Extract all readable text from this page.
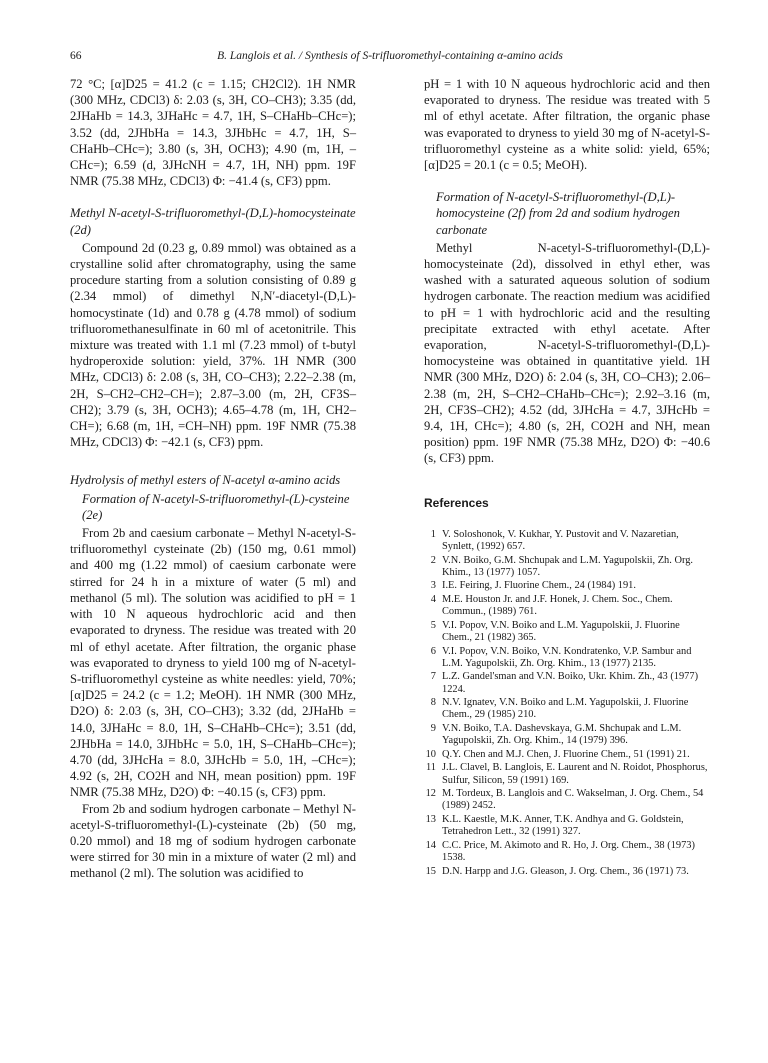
66	B. Langlois et al. / Synthesis of S-trifluoromethyl-containing α-amino acids

72 °C; [α]D25 = 41.2 (c = 1.15; CH2Cl2). 1H NMR (300 MHz, CDCl3) δ: 2.03 (s, 3H, CO–CH3); 3.35 (dd, 2JHaHb = 14.3, 3JHaHc = 4.7, 1H, S–CHaHb–CHc=); 3.52 (dd, 2JHbHa = 14.3, 3JHbHc = 4.7, 1H, S–CHaHb–CHc=); 3.80 (s, 3H, OCH3); 4.90 (m, 1H, –CHc=); 6.59 (d, 3JHcNH = 4.7, 1H, NH) ppm. 19F NMR (75.38 MHz, CDCl3) Φ: −41.4 (s, CF3) ppm.

Methyl N-acetyl-S-trifluoromethyl-(D,L)-homocysteinate (2d)

Compound 2d (0.23 g, 0.89 mmol) was obtained as a crystalline solid after chromatography, using the same procedure starting from a solution consisting of 0.89 g (2.34 mmol) of dimethyl N,N′-diacetyl-(D,L)-homocystinate (1d) and 0.78 g (4.78 mmol) of sodium trifluoromethanesulfinate in 60 ml of acetonitrile. This mixture was treated with 1.1 ml (7.23 mmol) of t-butyl hydroperoxide solution: yield, 37%. 1H NMR (300 MHz, CDCl3) δ: 2.08 (s, 3H, CO–CH3); 2.22–2.38 (m, 2H, S–CH2–CH2–CH=); 2.87–3.00 (m, 2H, CF3S–CH2); 3.79 (s, 3H, OCH3); 4.65–4.78 (m, 1H, CH2–CH=); 6.68 (m, 1H, =CH–NH) ppm. 19F NMR (75.38 MHz, CDCl3) Φ: −42.1 (s, CF3) ppm.

Hydrolysis of methyl esters of N-acetyl α-amino acids

Formation of N-acetyl-S-trifluoromethyl-(L)-cysteine (2e)

From 2b and caesium carbonate – Methyl N-acetyl-S-trifluoromethyl cysteinate (2b) (150 mg, 0.61 mmol) and 400 mg (1.22 mmol) of caesium carbonate were stirred for 24 h in a mixture of water (5 ml) and methanol (5 ml). The solution was acidified to pH = 1 with 10 N aqueous hydrochloric acid and then evaporated to dryness. The residue was treated with 20 ml of ethyl acetate. After filtration, the organic phase was evaporated to dryness to yield 100 mg of N-acetyl-S-trifluoromethyl cysteine as white needles: yield, 70%; [α]D25 = 24.2 (c = 1.2; MeOH). 1H NMR (300 MHz, D2O) δ: 2.03 (s, 3H, CO–CH3); 3.32 (dd, 2JHaHb = 14.0, 3JHaHc = 8.0, 1H, S–CHaHb–CHc=); 3.51 (dd, 2JHbHa = 14.0, 3JHbHc = 5.0, 1H, S–CHaHb–CHc=); 4.70 (dd, 3JHcHa = 8.0, 3JHcHb = 5.0, 1H, –CHc=); 4.92 (s, 2H, CO2H and NH, mean position) ppm. 19F NMR (75.38 MHz, D2O) Φ: −40.15 (s, CF3) ppm.

From 2b and sodium hydrogen carbonate – Methyl N-acetyl-S-trifluoromethyl-(L)-cysteinate (2b) (50 mg, 0.20 mmol) and 18 mg of sodium hydrogen carbonate were stirred for 30 min in a mixture of water (2 ml) and methanol (2 ml). The solution was acidified to

pH = 1 with 10 N aqueous hydrochloric acid and then evaporated to dryness. The residue was treated with 5 ml of ethyl acetate. After filtration, the organic phase was evaporated to dryness to yield 30 mg of N-acetyl-S-trifluoromethyl cysteine as a white solid: yield, 65%; [α]D25 = 20.1 (c = 0.5; MeOH).

Formation of N-acetyl-S-trifluoromethyl-(D,L)-homocysteine (2f) from 2d and sodium hydrogen carbonate

Methyl N-acetyl-S-trifluoromethyl-(D,L)-homocysteinate (2d), dissolved in ethyl ether, was washed with a saturated aqueous solution of sodium hydrogen carbonate. The reaction medium was acidified to pH = 1 with hydrochloric acid and the resulting precipitate extracted with ethyl acetate. After evaporation, N-acetyl-S-trifluoromethyl-(D,L)-homocysteine was obtained in quantitative yield. 1H NMR (300 MHz, D2O) δ: 2.04 (s, 3H, CO–CH3); 2.06–2.38 (m, 2H, S–CH2–CHaHb–CHc=); 2.92–3.16 (m, 2H, CF3S–CH2); 4.52 (dd, 3JHcHa = 4.7, 3JHcHb = 9.4, 1H, CHc=); 4.80 (s, 2H, CO2H and NH, mean position) ppm. 19F NMR (75.38 MHz, D2O) Φ: −40.6 (s, CF3) ppm.

References
1 V. Soloshonok, V. Kukhar, Y. Pustovit and V. Nazaretian, Synlett, (1992) 657.
2 V.N. Boiko, G.M. Shchupak and L.M. Yagupolskii, Zh. Org. Khim., 13 (1977) 1057.
3 I.E. Feiring, J. Fluorine Chem., 24 (1984) 191.
4 M.E. Houston Jr. and J.F. Honek, J. Chem. Soc., Chem. Commun., (1989) 761.
5 V.I. Popov, V.N. Boiko and L.M. Yagupolskii, J. Fluorine Chem., 21 (1982) 365.
6 V.I. Popov, V.N. Boiko, V.N. Kondratenko, V.P. Sambur and L.M. Yagupolskii, Zh. Org. Khim., 13 (1977) 2135.
7 L.Z. Gandel'sman and V.N. Boiko, Ukr. Khim. Zh., 43 (1977) 1224.
8 N.V. Ignatev, V.N. Boiko and L.M. Yagupolskii, J. Fluorine Chem., 29 (1985) 210.
9 V.N. Boiko, T.A. Dashevskaya, G.M. Shchupak and L.M. Yagupolskii, Zh. Org. Khim., 14 (1979) 396.
10 Q.Y. Chen and M.J. Chen, J. Fluorine Chem., 51 (1991) 21.
11 J.L. Clavel, B. Langlois, E. Laurent and N. Roidot, Phosphorus, Sulfur, Silicon, 59 (1991) 169.
12 M. Tordeux, B. Langlois and C. Wakselman, J. Org. Chem., 54 (1989) 2452.
13 K.L. Kaestle, M.K. Anner, T.K. Andhya and G. Goldstein, Tetrahedron Lett., 32 (1991) 327.
14 C.C. Price, M. Akimoto and R. Ho, J. Org. Chem., 38 (1973) 1538.
15 D.N. Harpp and J.G. Gleason, J. Org. Chem., 36 (1971) 73.
